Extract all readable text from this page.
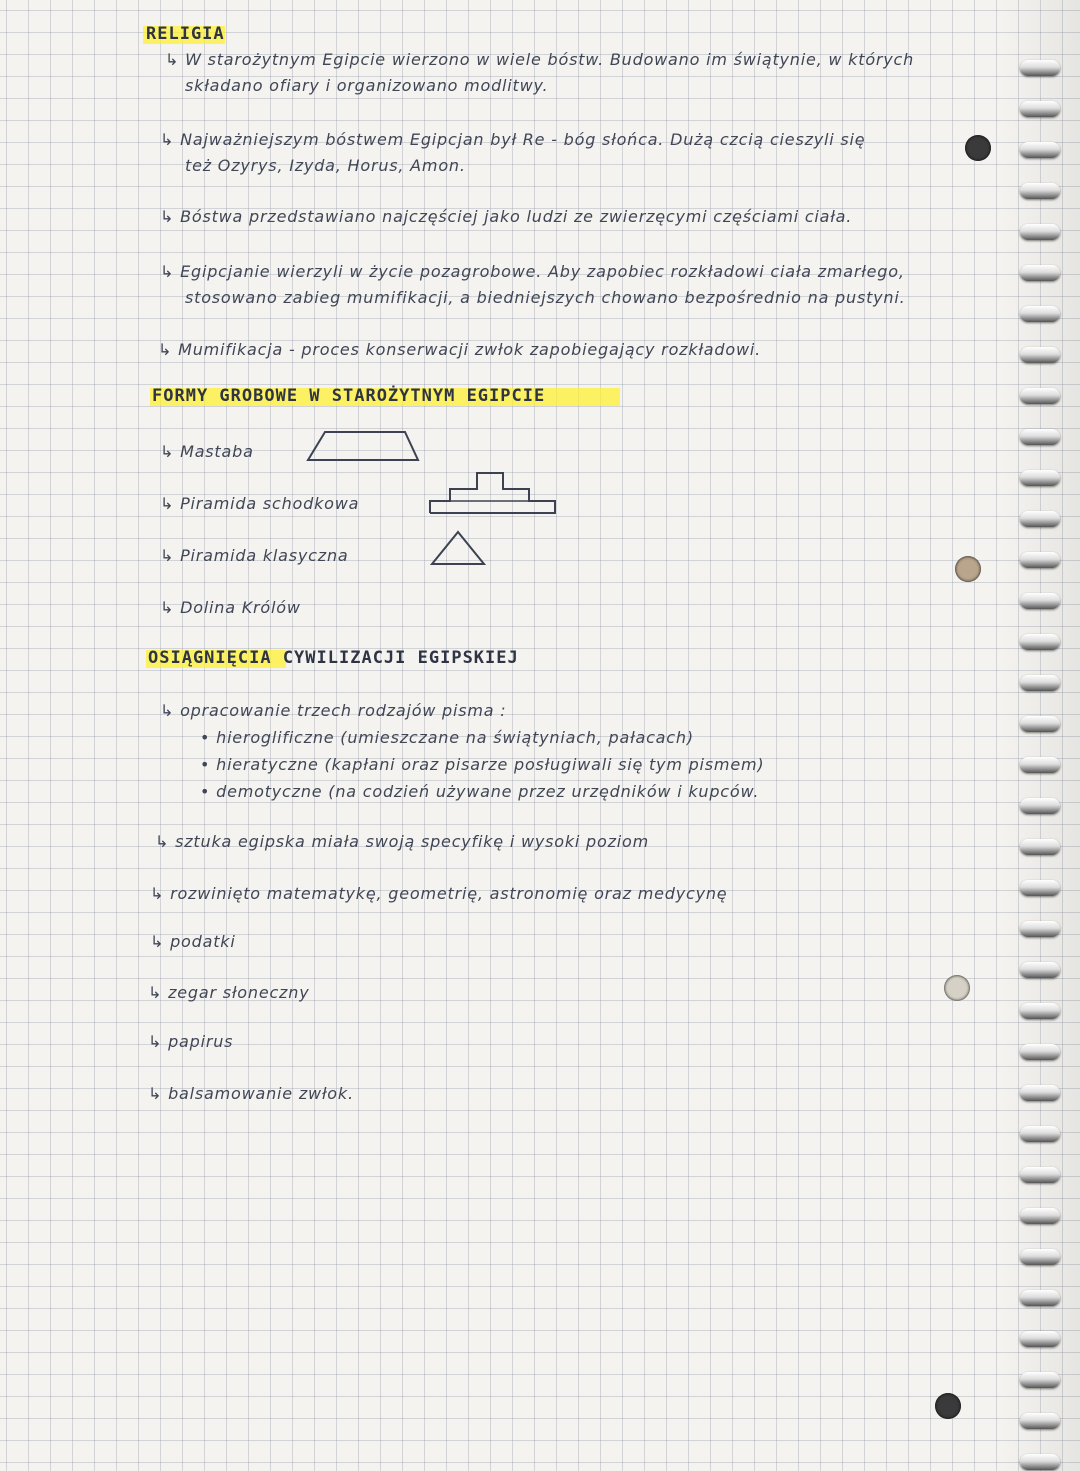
RELIGIA
↳ W starożytnym Egipcie wierzono w wiele bóstw. Budowano im świątynie, w których
składano ofiary i organizowano modlitwy.
↳ Najważniejszym bóstwem Egipcjan był Re - bóg słońca. Dużą czcią cieszyli się
też Ozyrys, Izyda, Horus, Amon.
↳ Bóstwa przedstawiano najczęściej jako ludzi ze zwierzęcymi częściami ciała.
↳ Egipcjanie wierzyli w życie pozagrobowe. Aby zapobiec rozkładowi ciała zmarłego,
stosowano zabieg mumifikacji, a biedniejszych chowano bezpośrednio na pustyni.
↳ Mumifikacja - proces konserwacji zwłok zapobiegający rozkładowi.
FORMY GROBOWE W STAROŻYTNYM EGIPCIE
↳ Mastaba
↳ Piramida schodkowa
↳ Piramida klasyczna
↳ Dolina Królów
OSIĄGNIĘCIA CYWILIZACJI EGIPSKIEJ
↳ opracowanie trzech rodzajów pisma :
• hieroglificzne (umieszczane na świątyniach, pałacach)
• hieratyczne (kapłani oraz pisarze posługiwali się tym pismem)
• demotyczne (na codzień używane przez urzędników i kupców.
↳ sztuka egipska miała swoją specyfikę i wysoki poziom
↳ rozwinięto matematykę, geometrię, astronomię oraz medycynę
↳ podatki
↳ zegar słoneczny
↳ papirus
↳ balsamowanie zwłok.
